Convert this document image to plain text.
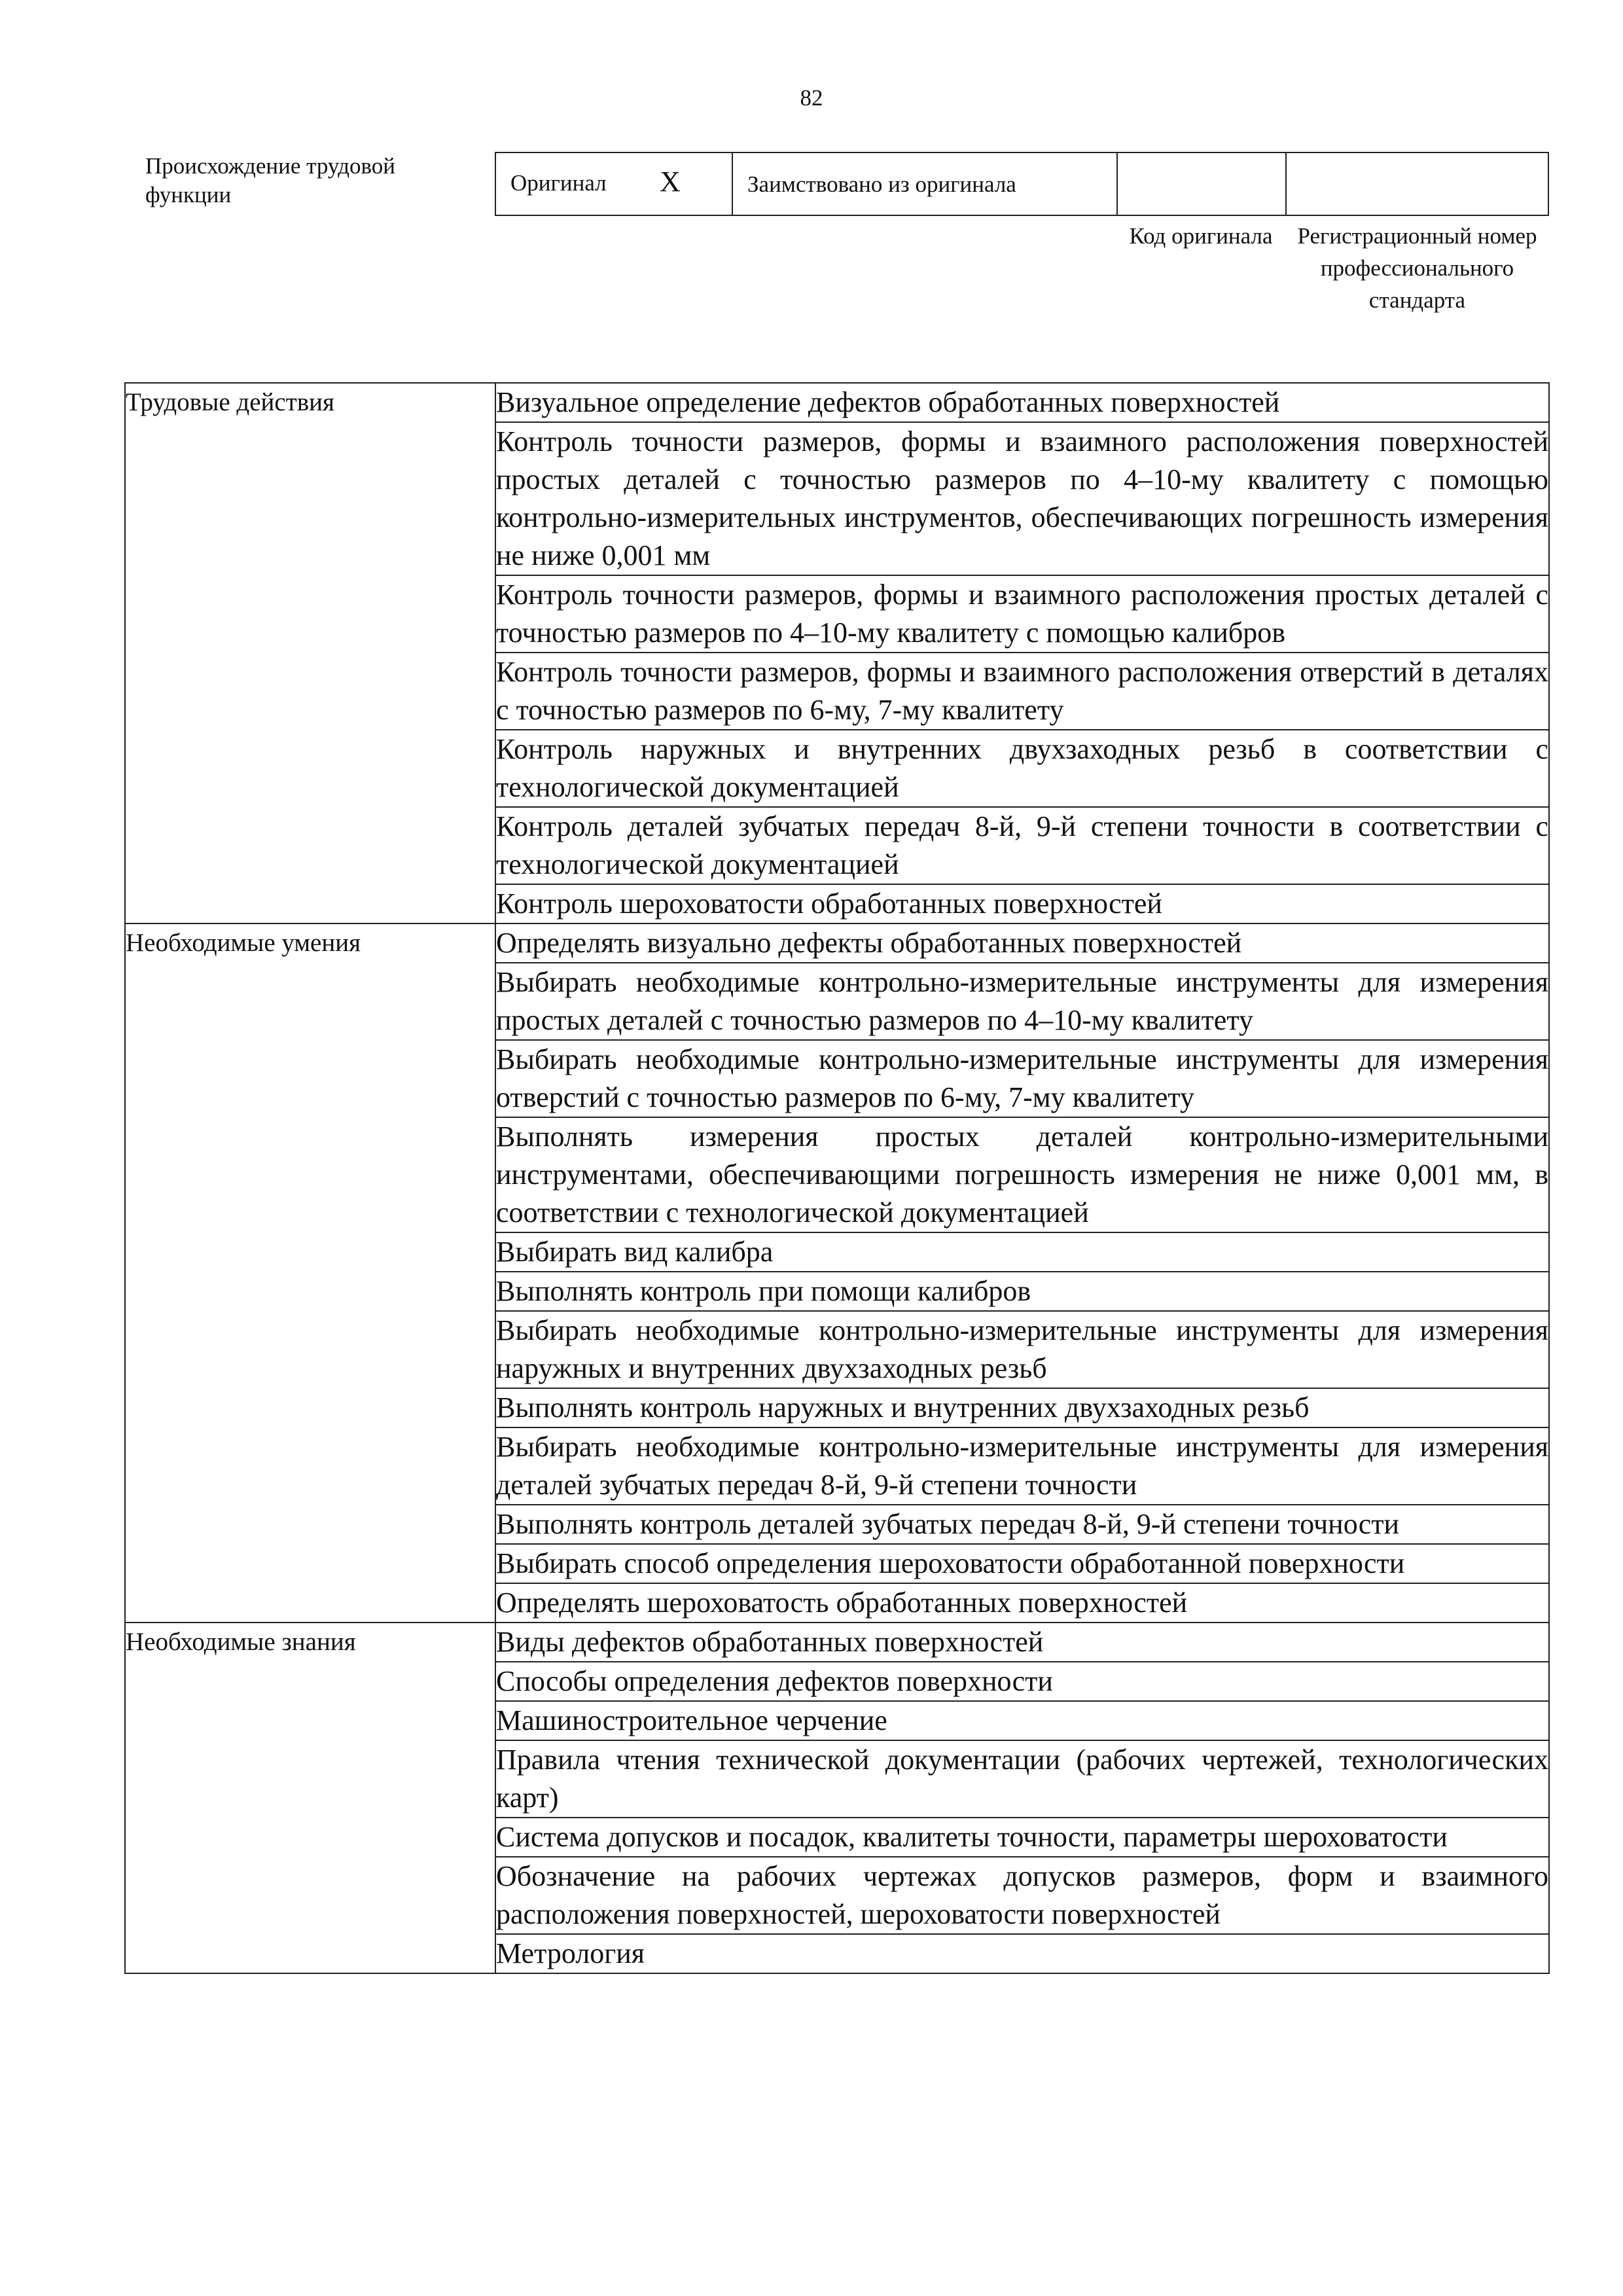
82
Происхождение трудовой функции	Оригинал X	Заимствовано из оригинала
Код оригинала	Регистрационный номер профессионального стандарта
Трудовые действия	Визуальное определение дефектов обработанных поверхностей
	Контроль точности размеров, формы и взаимного расположения поверхностей простых деталей с точностью размеров по 4–10-му квалитету с помощью контрольно-измерительных инструментов, обеспечивающих погрешность измерения не ниже 0,001 мм
	Контроль точности размеров, формы и взаимного расположения простых деталей с точностью размеров по 4–10-му квалитету с помощью калибров
	Контроль точности размеров, формы и взаимного расположения отверстий в деталях с точностью размеров по 6-му, 7-му квалитету
	Контроль наружных и внутренних двухзаходных резьб в соответствии с технологической документацией
	Контроль деталей зубчатых передач 8-й, 9-й степени точности в соответствии с технологической документацией
	Контроль шероховатости обработанных поверхностей
Необходимые умения	Определять визуально дефекты обработанных поверхностей
	Выбирать необходимые контрольно-измерительные инструменты для измерения простых деталей с точностью размеров по 4–10-му квалитету
	Выбирать необходимые контрольно-измерительные инструменты для измерения отверстий с точностью размеров по 6-му, 7-му квалитету
	Выполнять измерения простых деталей контрольно-измерительными инструментами, обеспечивающими погрешность измерения не ниже 0,001 мм, в соответствии с технологической документацией
	Выбирать вид калибра
	Выполнять контроль при помощи калибров
	Выбирать необходимые контрольно-измерительные инструменты для измерения наружных и внутренних двухзаходных резьб
	Выполнять контроль наружных и внутренних двухзаходных резьб
	Выбирать необходимые контрольно-измерительные инструменты для измерения деталей зубчатых передач 8-й, 9-й степени точности
	Выполнять контроль деталей зубчатых передач 8-й, 9-й степени точности
	Выбирать способ определения шероховатости обработанной поверхности
	Определять шероховатость обработанных поверхностей
Необходимые знания	Виды дефектов обработанных поверхностей
	Способы определения дефектов поверхности
	Машиностроительное черчение
	Правила чтения технической документации (рабочих чертежей, технологических карт)
	Система допусков и посадок, квалитеты точности, параметры шероховатости
	Обозначение на рабочих чертежах допусков размеров, форм и взаимного расположения поверхностей, шероховатости поверхностей
	Метрология
